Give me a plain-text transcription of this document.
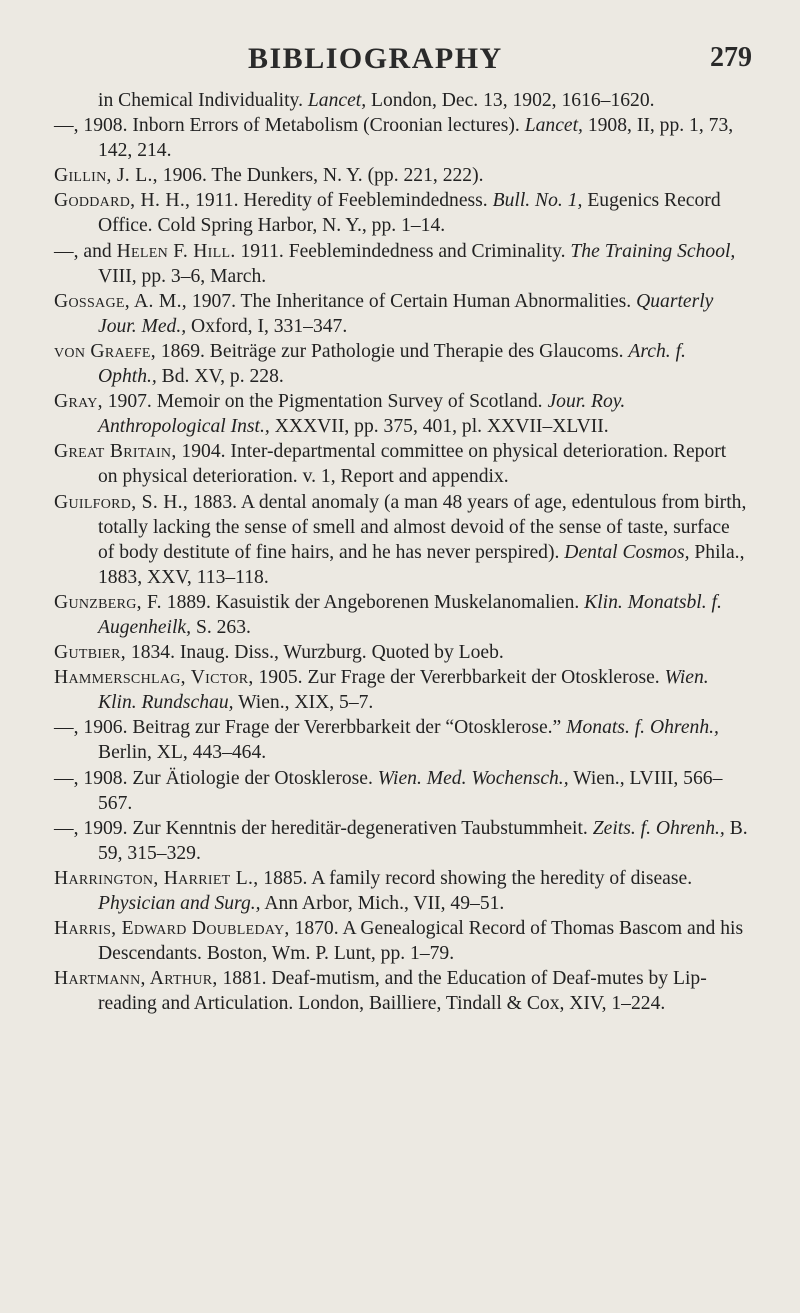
BIBLIOGRAPHY	279

in Chemical Individuality. Lancet, London, Dec. 13, 1902, 1616–1620.

—, 1908. Inborn Errors of Metabolism (Croonian lectures). Lancet, 1908, II, pp. 1, 73, 142, 214.

Gillin, J. L., 1906. The Dunkers, N. Y. (pp. 221, 222).

Goddard, H. H., 1911. Heredity of Feeblemindedness. Bull. No. 1, Eugenics Record Office. Cold Spring Harbor, N. Y., pp. 1–14.

—, and Helen F. Hill. 1911. Feeblemindedness and Criminality. The Training School, VIII, pp. 3–6, March.

Gossage, A. M., 1907. The Inheritance of Certain Human Abnormalities. Quarterly Jour. Med., Oxford, I, 331–347.

von Graefe, 1869. Beiträge zur Pathologie und Therapie des Glaucoms. Arch. f. Ophth., Bd. XV, p. 228.

Gray, 1907. Memoir on the Pigmentation Survey of Scotland. Jour. Roy. Anthropological Inst., XXXVII, pp. 375, 401, pl. XXVII–XLVII.

Great Britain, 1904. Inter-departmental committee on physical deterioration. Report on physical deterioration. v. 1, Report and appendix.

Guilford, S. H., 1883. A dental anomaly (a man 48 years of age, edentulous from birth, totally lacking the sense of smell and almost devoid of the sense of taste, surface of body destitute of fine hairs, and he has never perspired). Dental Cosmos, Phila., 1883, XXV, 113–118.

Gunzberg, F. 1889. Kasuistik der Angeborenen Muskelanomalien. Klin. Monatsbl. f. Augenheilk, S. 263.

Gutbier, 1834. Inaug. Diss., Wurzburg. Quoted by Loeb.

Hammerschlag, Victor, 1905. Zur Frage der Vererbbarkeit der Otosklerose. Wien. Klin. Rundschau, Wien., XIX, 5–7.

—, 1906. Beitrag zur Frage der Vererbbarkeit der “Otosklerose.” Monats. f. Ohrenh., Berlin, XL, 443–464.

—, 1908. Zur Ätiologie der Otosklerose. Wien. Med. Wochensch., Wien., LVIII, 566–567.

—, 1909. Zur Kenntnis der hereditär-degenerativen Taubstummheit. Zeits. f. Ohrenh., B. 59, 315–329.

Harrington, Harriet L., 1885. A family record showing the heredity of disease. Physician and Surg., Ann Arbor, Mich., VII, 49–51.

Harris, Edward Doubleday, 1870. A Genealogical Record of Thomas Bascom and his Descendants. Boston, Wm. P. Lunt, pp. 1–79.

Hartmann, Arthur, 1881. Deaf-mutism, and the Education of Deaf-mutes by Lip-reading and Articulation. London, Bailliere, Tindall & Cox, XIV, 1–224.
